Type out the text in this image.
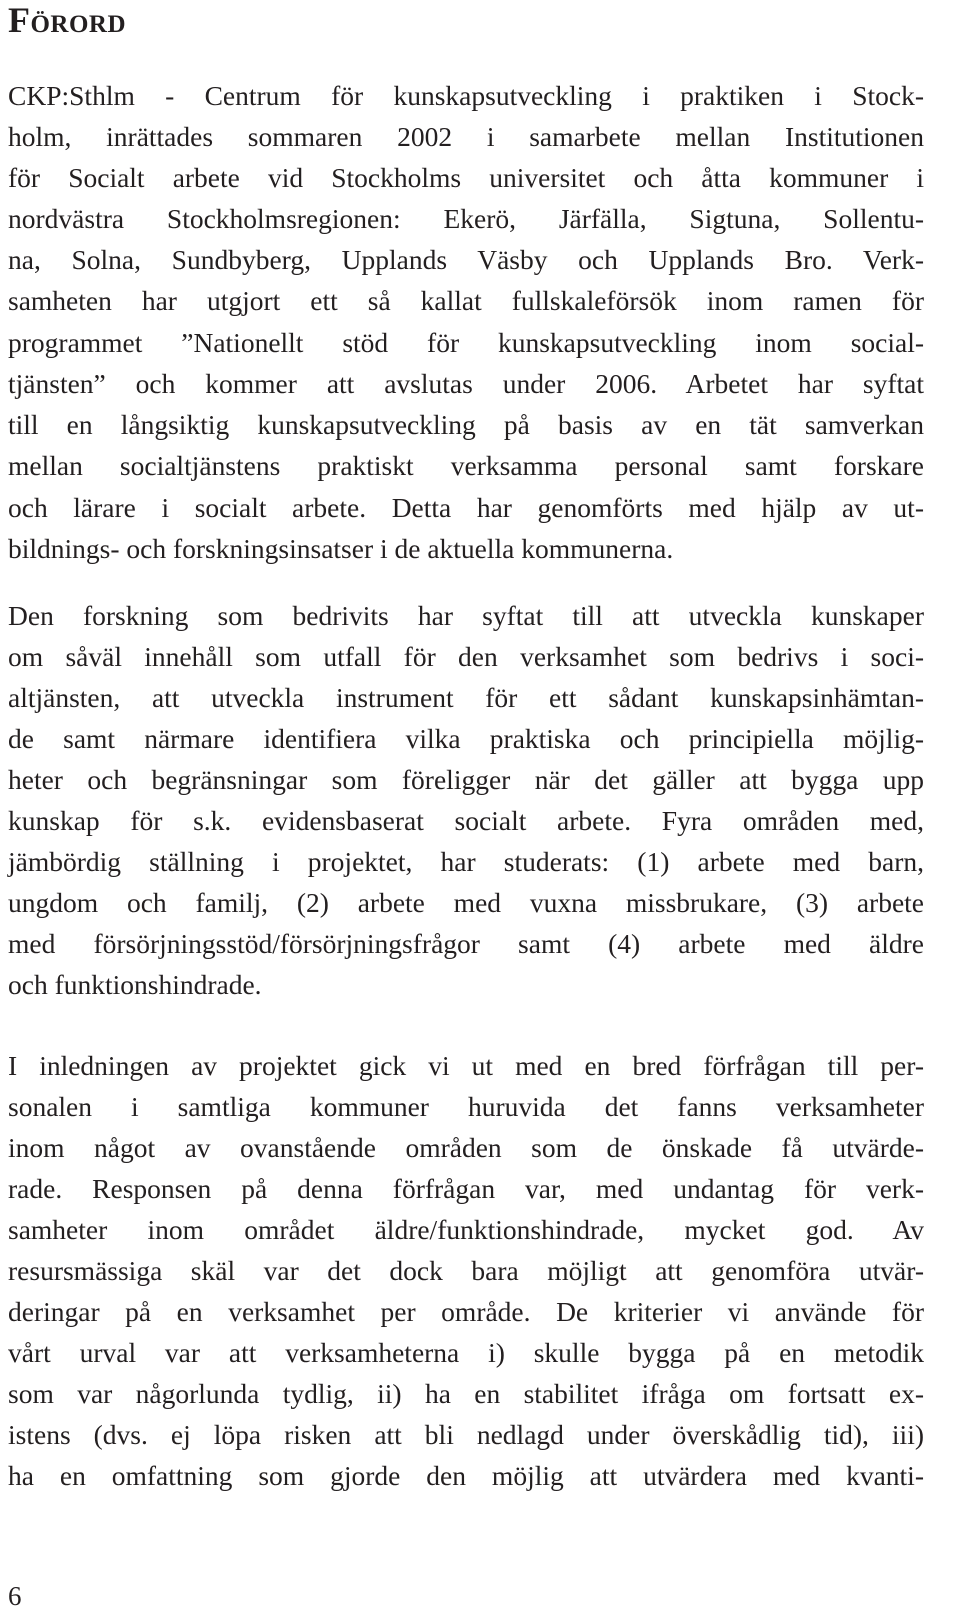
Förord

CKP:Sthlm - Centrum för kunskapsutveckling i praktiken i Stock-

holm, inrättades sommaren 2002 i samarbete mellan Institutionen

för Socialt arbete vid Stockholms universitet och åtta kommuner i

nordvästra Stockholmsregionen: Ekerö, Järfälla, Sigtuna, Sollentu-

na, Solna, Sundbyberg, Upplands Väsby och Upplands Bro. Verk-

samheten har utgjort ett så kallat fullskaleförsök inom ramen för

programmet ”Nationellt stöd för kunskapsutveckling inom social-

tjänsten” och kommer att avslutas under 2006. Arbetet har syftat

till en långsiktig kunskapsutveckling på basis av en tät samverkan

mellan socialtjänstens praktiskt verksamma personal samt forskare

och lärare i socialt arbete. Detta har genomförts med hjälp av ut-

bildnings- och forskningsinsatser i de aktuella kommunerna.

Den forskning som bedrivits har syftat till att utveckla kunskaper

om såväl innehåll som utfall för den verksamhet som bedrivs i soci-

altjänsten, att utveckla instrument för ett sådant kunskapsinhämtan-

de samt närmare identifiera vilka praktiska och principiella möjlig-

heter och begränsningar som föreligger när det gäller att bygga upp

kunskap för s.k. evidensbaserat socialt arbete. Fyra områden med,

jämbördig ställning i projektet, har studerats: (1) arbete med barn,

ungdom och familj, (2) arbete med vuxna missbrukare, (3) arbete

med försörjningsstöd/försörjningsfrågor samt (4) arbete med äldre

och funktionshindrade.

I inledningen av projektet gick vi ut med en bred förfrågan till per-

sonalen i samtliga kommuner huruvida det fanns verksamheter

inom något av ovanstående områden som de önskade få utvärde-

rade. Responsen på denna förfrågan var, med undantag för verk-

samheter inom området äldre/funktionshindrade, mycket god. Av

resursmässiga skäl var det dock bara möjligt att genomföra utvär-

deringar på en verksamhet per område. De kriterier vi använde för

vårt urval var att verksamheterna i) skulle bygga på en metodik

som var någorlunda tydlig, ii) ha en stabilitet ifråga om fortsatt ex-

istens (dvs. ej löpa risken att bli nedlagd under överskådlig tid), iii)

ha en omfattning som gjorde den möjlig att utvärdera med kvanti-

6
